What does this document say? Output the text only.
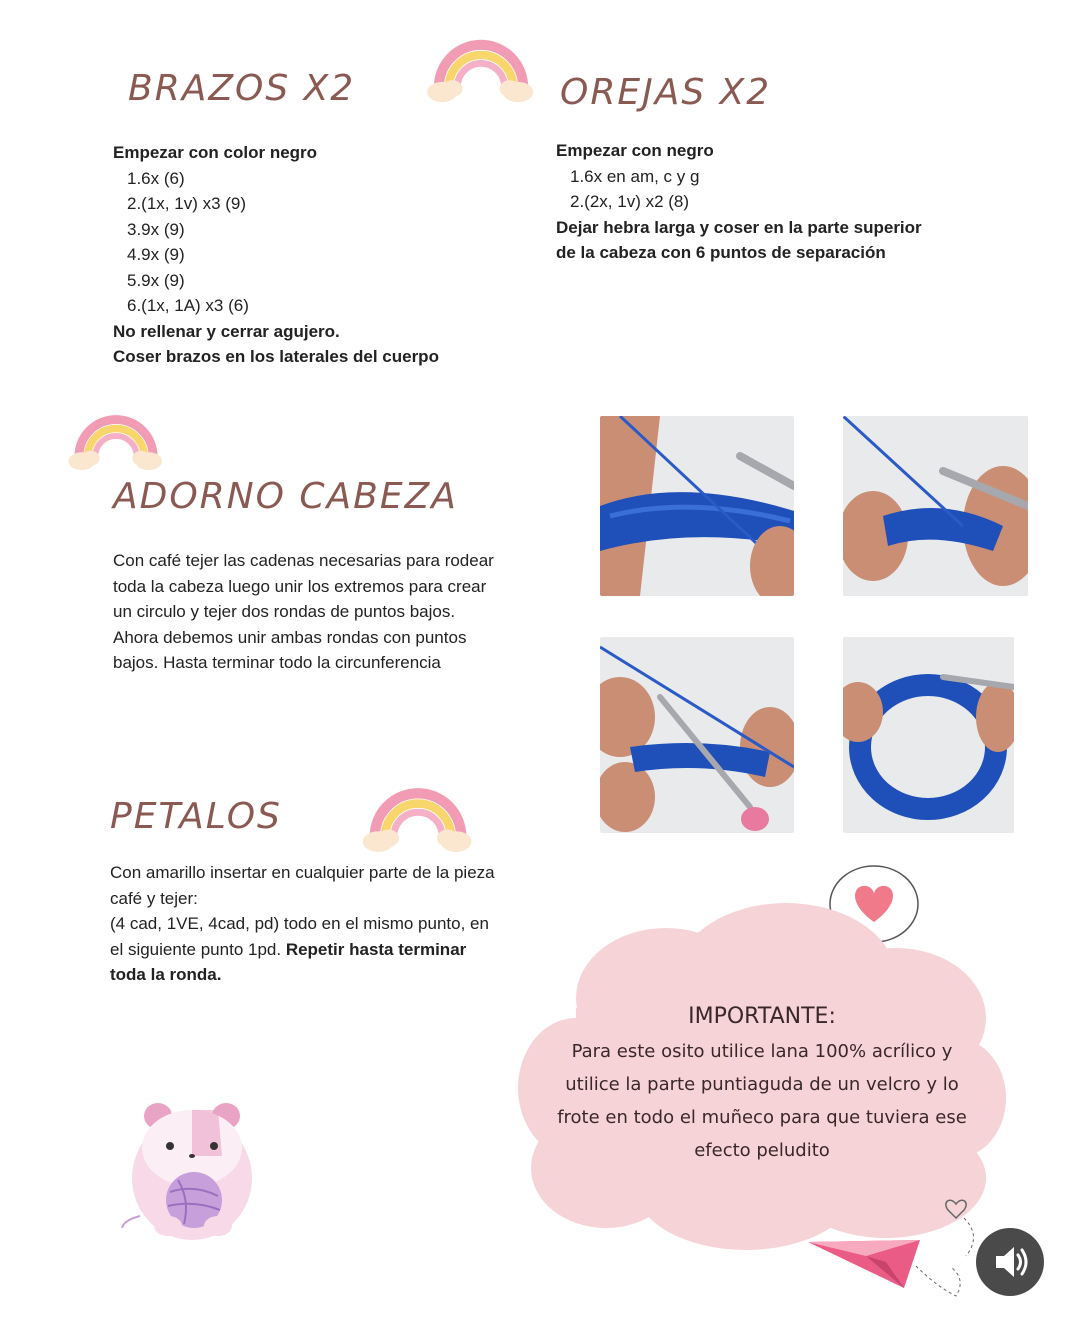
BRAZOS X2
Empezar con color negro
1.6x (6)
2.(1x, 1v) x3 (9)
3.9x (9)
4.9x (9)
5.9x (9)
6.(1x, 1A) x3 (6)
No rellenar y cerrar agujero.
Coser brazos en los laterales del cuerpo
OREJAS X2
Empezar con negro
1.6x en am, c y g
2.(2x, 1v) x2 (8)
Dejar hebra larga y coser en la parte superior
de la cabeza con 6 puntos de separación
ADORNO CABEZA
Con café tejer las cadenas necesarias para rodear
toda la cabeza luego unir los extremos para crear
un circulo y tejer dos rondas de puntos bajos.
Ahora debemos unir ambas rondas con puntos
bajos. Hasta terminar todo la circunferencia
PETALOS
Con amarillo insertar en cualquier parte de la pieza
café y tejer:
(4 cad, 1VE, 4cad, pd) todo en el mismo punto, en
el siguiente punto 1pd. Repetir hasta terminar
toda la ronda.
IMPORTANTE:
Para este osito utilice lana 100% acrílico y
utilice la parte puntiaguda de un velcro y lo
frote en todo el muñeco para que tuviera ese
efecto peludito
